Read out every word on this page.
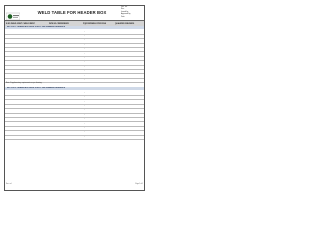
WELD TABLE FOR HEADER BOX
Doc. no.
Rev.
Issued by
Approved by
Date
S.NO WELD JOINT / WELD IDENT	WPS NO / REFERENCE	PQR REF/WELD PROCESS	QUALIFIED WELDERS
SECTION 1 - HEADER BOX WELD JOINTS - SEE DRAWING REFERENCE
1	WELD JOINT DESCRIPTION	WPS REF / PROCESS	PQR-XX-XXX / GTAW	WELDER ID XX-XXX
2	WELD JOINT DESCRIPTION	WPS REF / PROCESS	PQR-XX-XXX / GTAW	WELDER ID XX-XXX
3	WELD JOINT DESCRIPTION	WPS REF / PROCESS	PQR-XX-XXX / SMAW	WELDER ID XX-XXX
4	WELD JOINT DESCRIPTION	WPS REF / PROCESS	PQR-XX-XXX / SMAW	WELDER ID XX-XXX
5	WELD JOINT DESCRIPTION	WPS REF / PROCESS	PQR-XX-XXX / GTAW	WELDER ID XX-XXX
6	WELD JOINT DESCRIPTION	WPS REF / PROCESS	PQR-XX-XXX / GTAW	WELDER ID XX-XXX
7	WELD JOINT DESCRIPTION	WPS REF / PROCESS	PQR-XX-XXX / SMAW	WELDER ID XX-XXX
8	WELD JOINT DESCRIPTION	WPS REF / PROCESS	PQR-XX-XXX / SMAW	WELDER ID XX-XXX
9	WELD JOINT DESCRIPTION	WPS REF / PROCESS	PQR-XX-XXX / GTAW	WELDER ID XX-XXX
10	WELD JOINT DESCRIPTION	WPS REF / PROCESS	PQR-XX-XXX / GTAW	WELDER ID XX-XXX
11	WELD JOINT DESCRIPTION	WPS REF / PROCESS	PQR-XX-XXX / SMAW	WELDER ID XX-XXX
12	WELD JOINT DESCRIPTION	WPS REF / PROCESS	PQR-XX-XXX / SMAW	WELDER ID XX-XXX
Note: Supplementary requirements as per drawing.
SECTION 2 - HEADER BOX WELD JOINTS - SEE DRAWING REFERENCE
1	WELD JOINT DESCRIPTION	WPS REF / PROCESS	PQR-XX-XXX / GTAW	WELDER ID XX-XXX
2	WELD JOINT DESCRIPTION	WPS REF / PROCESS	PQR-XX-XXX / GTAW	WELDER ID XX-XXX
3	WELD JOINT DESCRIPTION	WPS REF / PROCESS	PQR-XX-XXX / SMAW	WELDER ID XX-XXX
4	WELD JOINT DESCRIPTION	WPS REF / PROCESS	PQR-XX-XXX / SMAW	WELDER ID XX-XXX
5	WELD JOINT DESCRIPTION	WPS REF / PROCESS	PQR-XX-XXX / GTAW	WELDER ID XX-XXX
6	WELD JOINT DESCRIPTION	WPS REF / PROCESS	PQR-XX-XXX / GTAW	WELDER ID XX-XXX
7	WELD JOINT DESCRIPTION	WPS REF / PROCESS	PQR-XX-XXX / SMAW	WELDER ID XX-XXX
8	WELD JOINT DESCRIPTION	WPS REF / PROCESS	PQR-XX-XXX / SMAW	WELDER ID XX-XXX
9	WELD JOINT DESCRIPTION	WPS REF / PROCESS	PQR-XX-XXX / GTAW	WELDER ID XX-XXX
10	WELD JOINT DESCRIPTION	WPS REF / PROCESS	PQR-XX-XXX / GTAW	WELDER ID XX-XXX
11	WELD JOINT DESCRIPTION	WPS REF / PROCESS	PQR-XX-XXX / SMAW	WELDER ID XX-XXX
Doc. ref.	Page 1 of 1
